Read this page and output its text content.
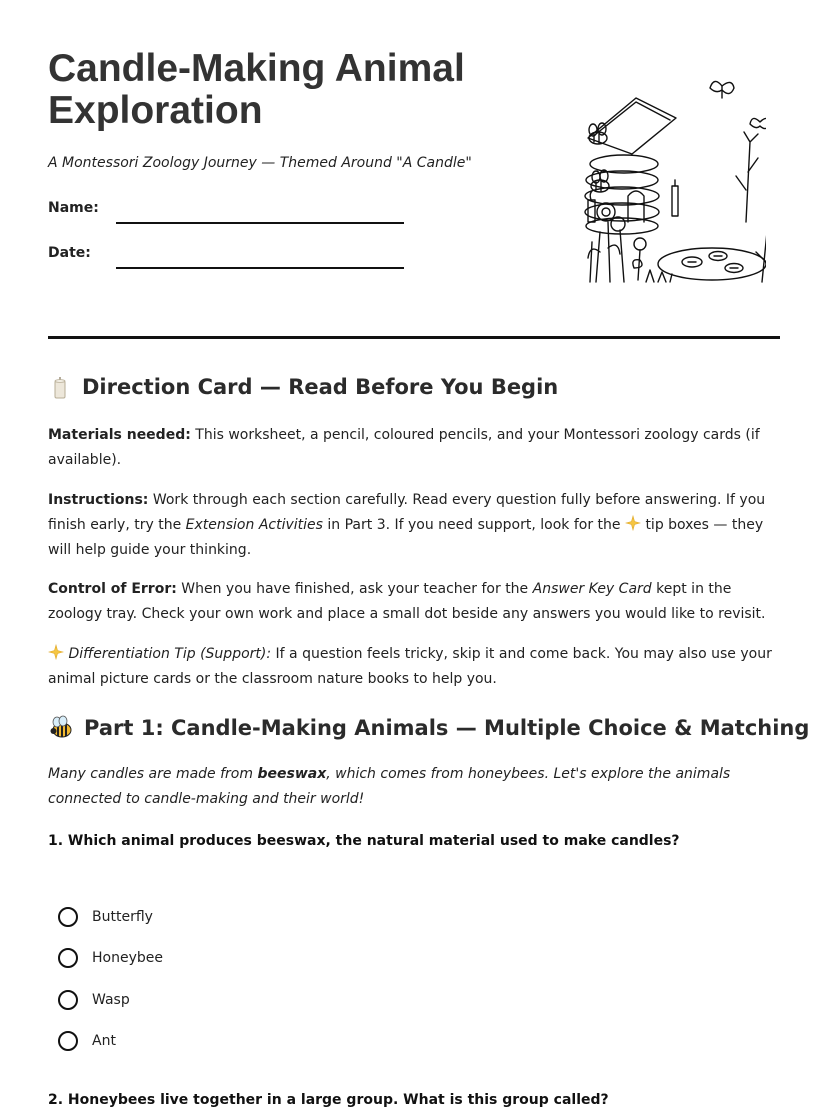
Candle-Making Animal Exploration
A Montessori Zoology Journey — Themed Around "A Candle"
Name:
Date:
Direction Card — Read Before You Begin

Materials needed: This worksheet, a pencil, coloured pencils, and your Montessori zoology cards (if available).

Instructions: Work through each section carefully. Read every question fully before answering. If you finish early, try the Extension Activities in Part 3. If you need support, look for the tip boxes — they will help guide your thinking.

Control of Error: When you have finished, ask your teacher for the Answer Key Card kept in the zoology tray. Check your own work and place a small dot beside any answers you would like to revisit.

Differentiation Tip (Support): If a question feels tricky, skip it and come back. You may also use your animal picture cards or the classroom nature books to help you.

Part 1: Candle-Making Animals — Multiple Choice & Matching

Many candles are made from beeswax, which comes from honeybees. Let's explore the animals connected to candle-making and their world!

1. Which animal produces beeswax, the natural material used to make candles?
Butterfly
Honeybee
Wasp
Ant
2. Honeybees live together in a large group. What is this group called?
